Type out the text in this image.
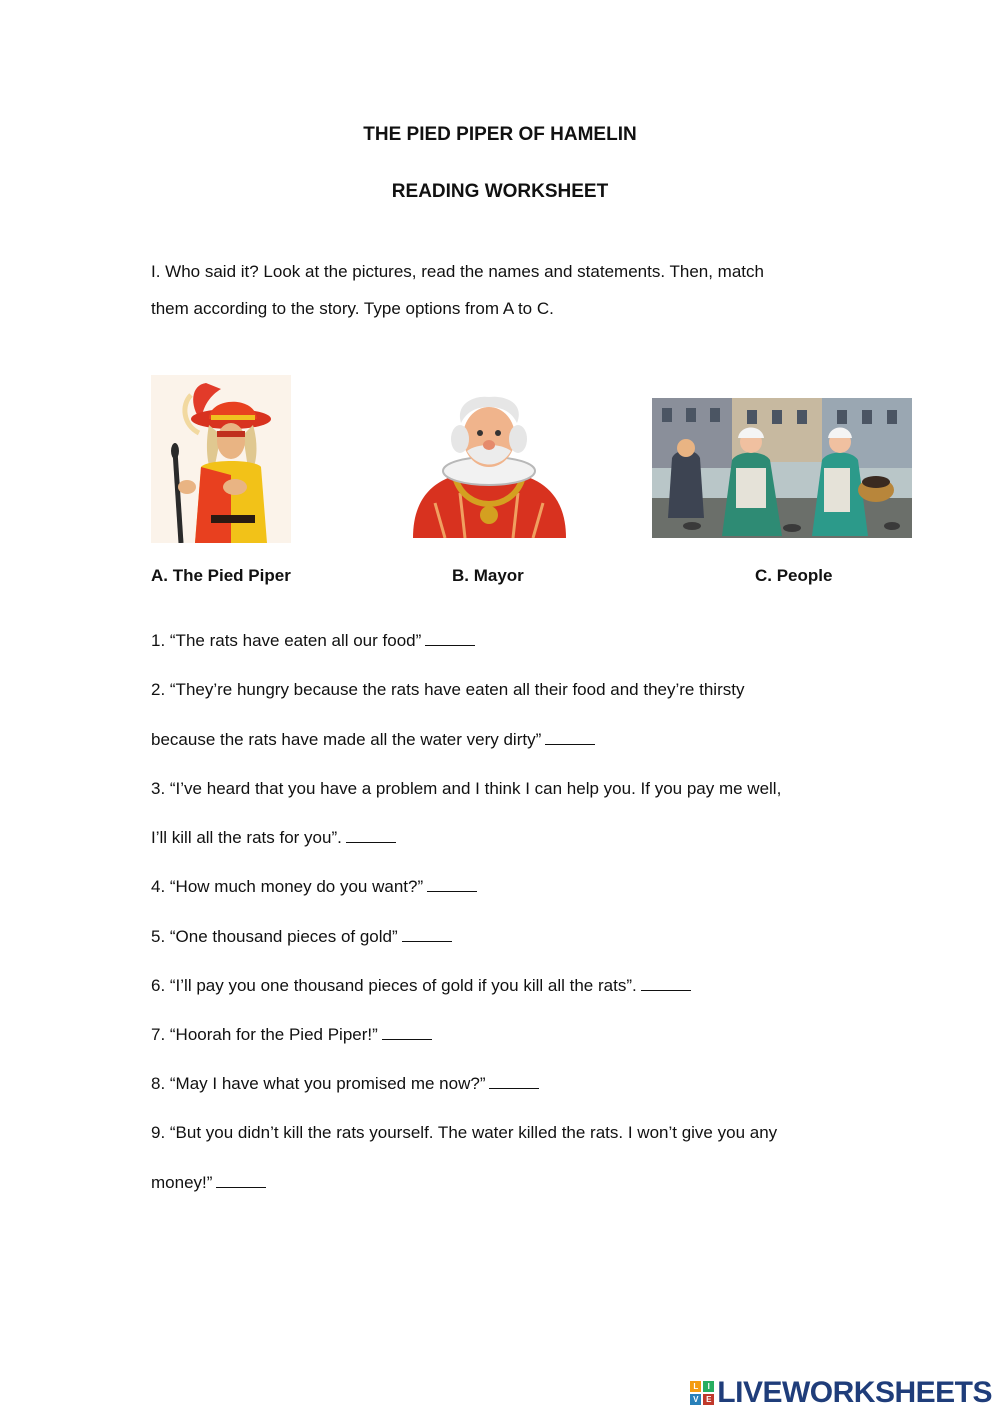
THE PIED PIPER OF HAMELIN
READING WORKSHEET
I. Who said it? Look at the pictures, read the names and statements. Then, match
them according to the story. Type options from A to C.
A. The Pied Piper	B. Mayor	C. People
1. “The rats have eaten all our food”
2. “They’re hungry because the rats have eaten all their food and they’re thirsty
because the rats have made all the water very dirty”
3. “I’ve heard that you have a problem and I think I can help you. If you pay me well,
I’ll kill all the rats for you”.
4. “How much money do you want?”
5. “One thousand pieces of gold”
6. “I’ll pay you one thousand pieces of gold if you kill all the rats”.
7. “Hoorah for the Pied Piper!”
8. “May I have what you promised me now?”
9. “But you didn’t kill the rats yourself. The water killed the rats. I won’t give you any
money!”
L	I
V E LIVEWORKSHEETS
